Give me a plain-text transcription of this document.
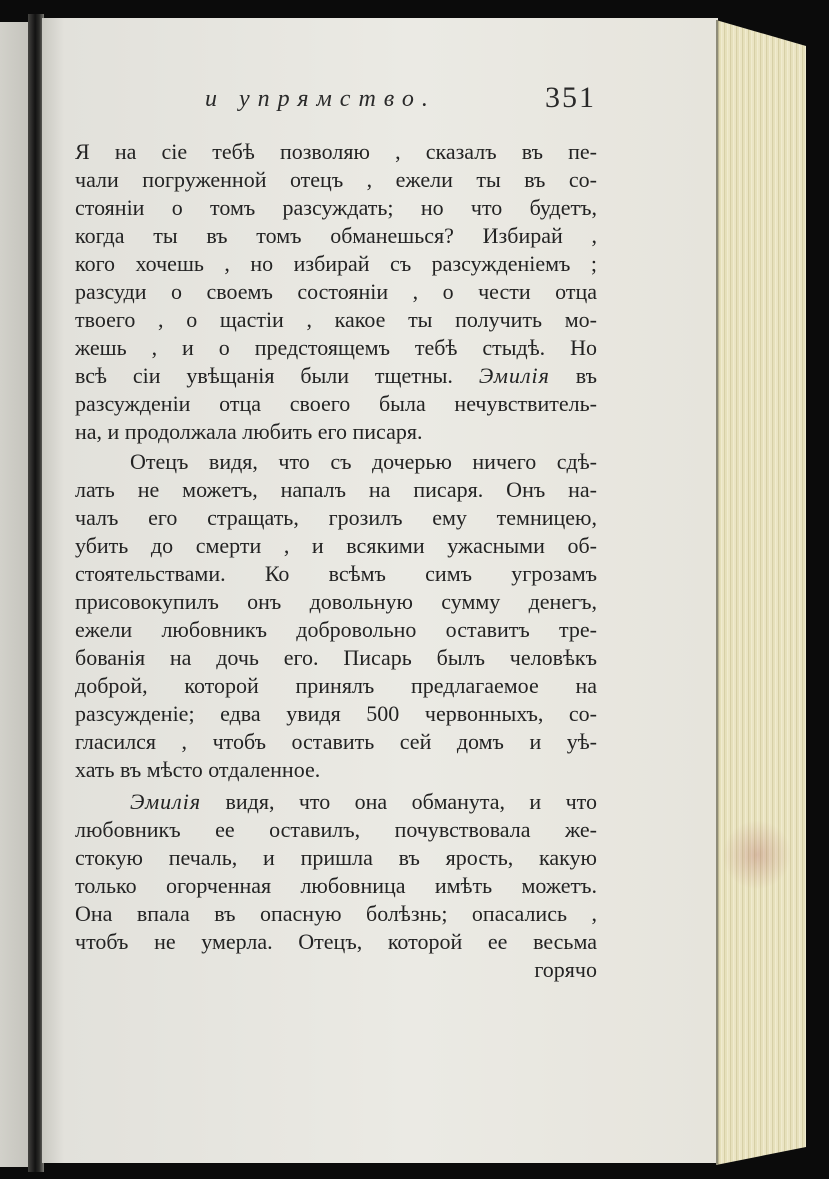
и упрямство.	351
Я на сіе тебѣ позволяю , сказалъ въ пе-
чали погруженной отецъ , ежели ты въ со-
стояніи о томъ разсуждать; но что будетъ,
когда ты въ томъ обманешься? Избирай ,
кого хочешь , но избирай съ разсужденіемъ ;
разсуди о своемъ состояніи , о чести отца
твоего , о щастіи , какое ты получить мо-
жешь , и о предстоящемъ тебѣ стыдѣ. Но
всѣ сіи увѣщанія были тщетны. Эмилія въ
разсужденіи отца своего была нечувствитель-
на, и продолжала любить его писаря.
Отецъ видя, что съ дочерью ничего сдѣ-
лать не можетъ, напалъ на писаря. Онъ на-
чалъ его стращать, грозилъ ему темницею,
убить до смерти , и всякими ужасными об-
стоятельствами. Ко всѣмъ симъ угрозамъ
присовокупилъ онъ довольную сумму денегъ,
ежели любовникъ добровольно оставитъ тре-
бованія на дочь его. Писарь былъ человѣкъ
доброй, которой принялъ предлагаемое на
разсужденіе; едва увидя 500 червонныхъ, со-
гласился , чтобъ оставить сей домъ и уѣ-
хать въ мѣсто отдаленное.
Эмилія видя, что она обманута, и что
любовникъ ее оставилъ, почувствовала же-
стокую печаль, и пришла въ ярость, какую
только огорченная любовница имѣть можетъ.
Она впала въ опасную болѣзнь; опасались ,
чтобъ не умерла. Отецъ, которой ее весьма
горячо
